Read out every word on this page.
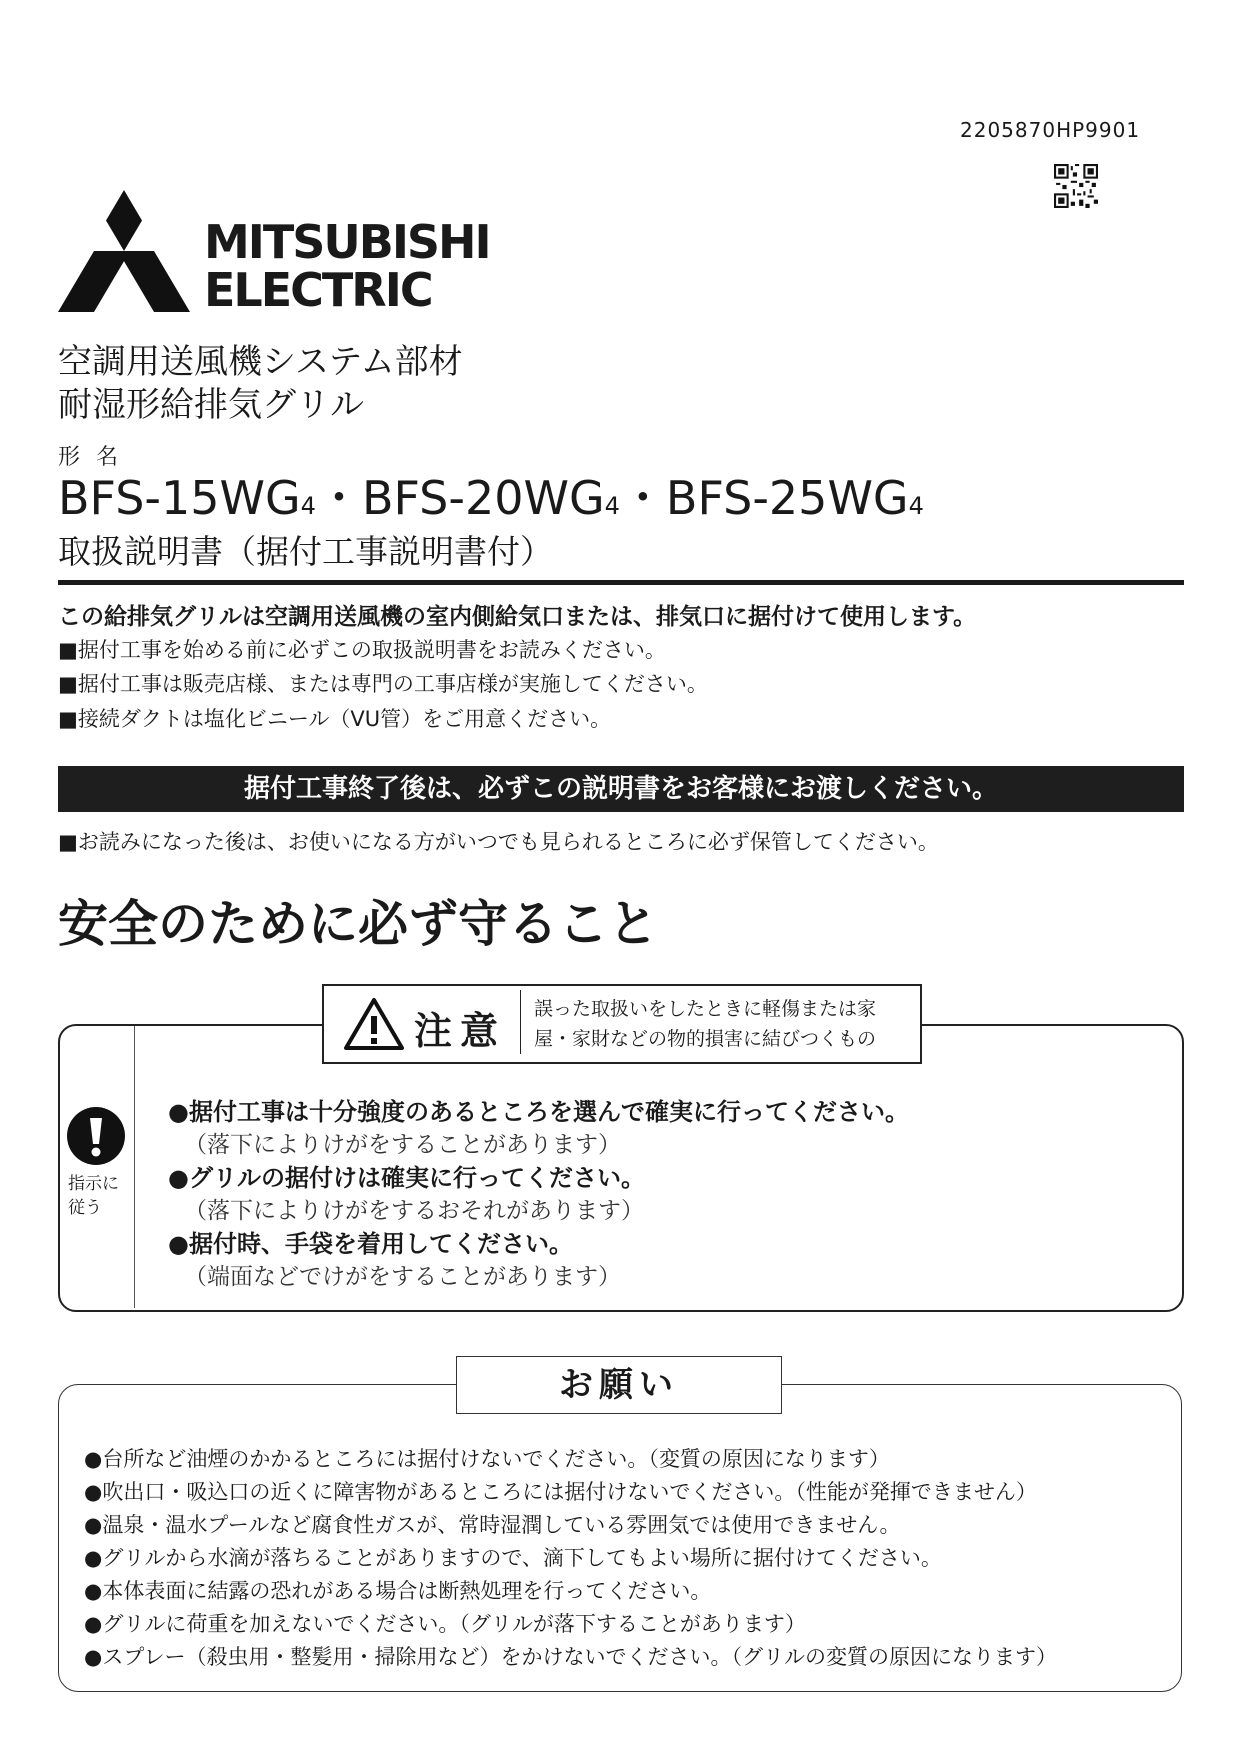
2205870HP9901
MITSUBISHI
ELECTRIC
空調用送風機システム部材
耐湿形給排気グリル
形名
BFS-15WG4・BFS-20WG4・BFS-25WG4
取扱説明書（据付工事説明書付）
この給排気グリルは空調用送風機の室内側給気口または、排気口に据付けて使用します。
■据付工事を始める前に必ずこの取扱説明書をお読みください。
■据付工事は販売店様、または専門の工事店様が実施してください。
■接続ダクトは塩化ビニール（VU管）をご用意ください。
据付工事終了後は、必ずこの説明書をお客様にお渡しください。
■お読みになった後は、お使いになる方がいつでも見られるところに必ず保管してください。
安全のために必ず守ること
注意 誤った取扱いをしたときに軽傷または家
屋・家財などの物的損害に結びつくもの
指示に
従う
●据付工事は十分強度のあるところを選んで確実に行ってください。
（落下によりけがをすることがあります）
●グリルの据付けは確実に行ってください。
（落下によりけがをするおそれがあります）
●据付時、手袋を着用してください。
（端面などでけがをすることがあります）
お願い
●台所など油煙のかかるところには据付けないでください。（変質の原因になります）
●吹出口・吸込口の近くに障害物があるところには据付けないでください。（性能が発揮できません）
●温泉・温水プールなど腐食性ガスが、常時湿潤している雰囲気では使用できません。
●グリルから水滴が落ちることがありますので、滴下してもよい場所に据付けてください。
●本体表面に結露の恐れがある場合は断熱処理を行ってください。
●グリルに荷重を加えないでください。（グリルが落下することがあります）
●スプレー（殺虫用・整髪用・掃除用など）をかけないでください。（グリルの変質の原因になります）
